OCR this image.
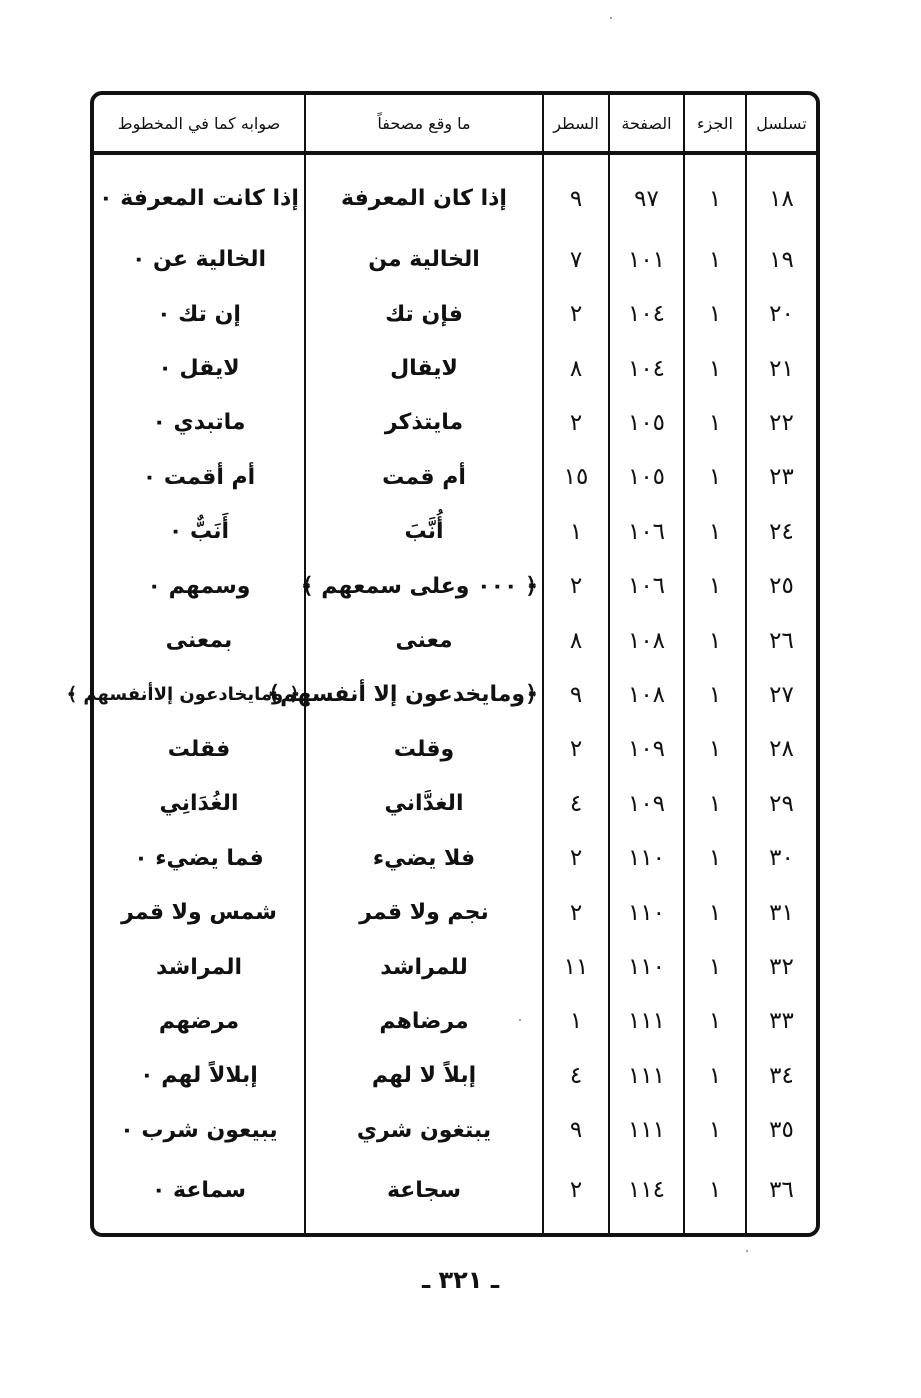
تسلسل	الجزء	الصفحة	السطر	ما وقع مصحفاً	صوابه كما في المخطوط
١٨	١	٩٧	٩	إذا كان المعرفة	إذا كانت المعرفة ٠
١٩	١	١٠١	٧	الخالية من	الخالية عن ٠
٢٠	١	١٠٤	٢	فإن تك	إن تك ٠
٢١	١	١٠٤	٨	لايقال	لايقل ٠
٢٢	١	١٠٥	٢	مايتذكر	ماتبدي ٠
٢٣	١	١٠٥	١٥	أم قمت	أم أقمت ٠
٢٤	١	١٠٦	١	أُنَّبَ	أَنَبٌّ ٠
٢٥	١	١٠٦	٢	﴿ ٠٠٠ وعلى سمعهم ﴾	وسمهم ٠
٢٦	١	١٠٨	٨	معنى	بمعنى
٢٧	١	١٠٨	٩	﴿ومايخدعون إلا أنفسهم﴾	﴿ ومايخادعون إلاأنفسهم ﴾
٢٨	١	١٠٩	٢	وقلت	فقلت
٢٩	١	١٠٩	٤	الغدَّاني	الغُدَانِي
٣٠	١	١١٠	٢	فلا يضيء	فما يضيء ٠
٣١	١	١١٠	٢	نجم ولا قمر	شمس ولا قمر
٣٢	١	١١٠	١١	للمراشد	المراشد
٣٣	١	١١١	١	مرضاهم	مرضهم
٣٤	١	١١١	٤	إبلاً لا لهم	إبلالاً لهم ٠
٣٥	١	١١١	٩	يبتغون شري	يبيعون شرب ٠
٣٦	١	١١٤	٢	سجاعة	سماعة ٠
ـ ٣٢١ ـ
